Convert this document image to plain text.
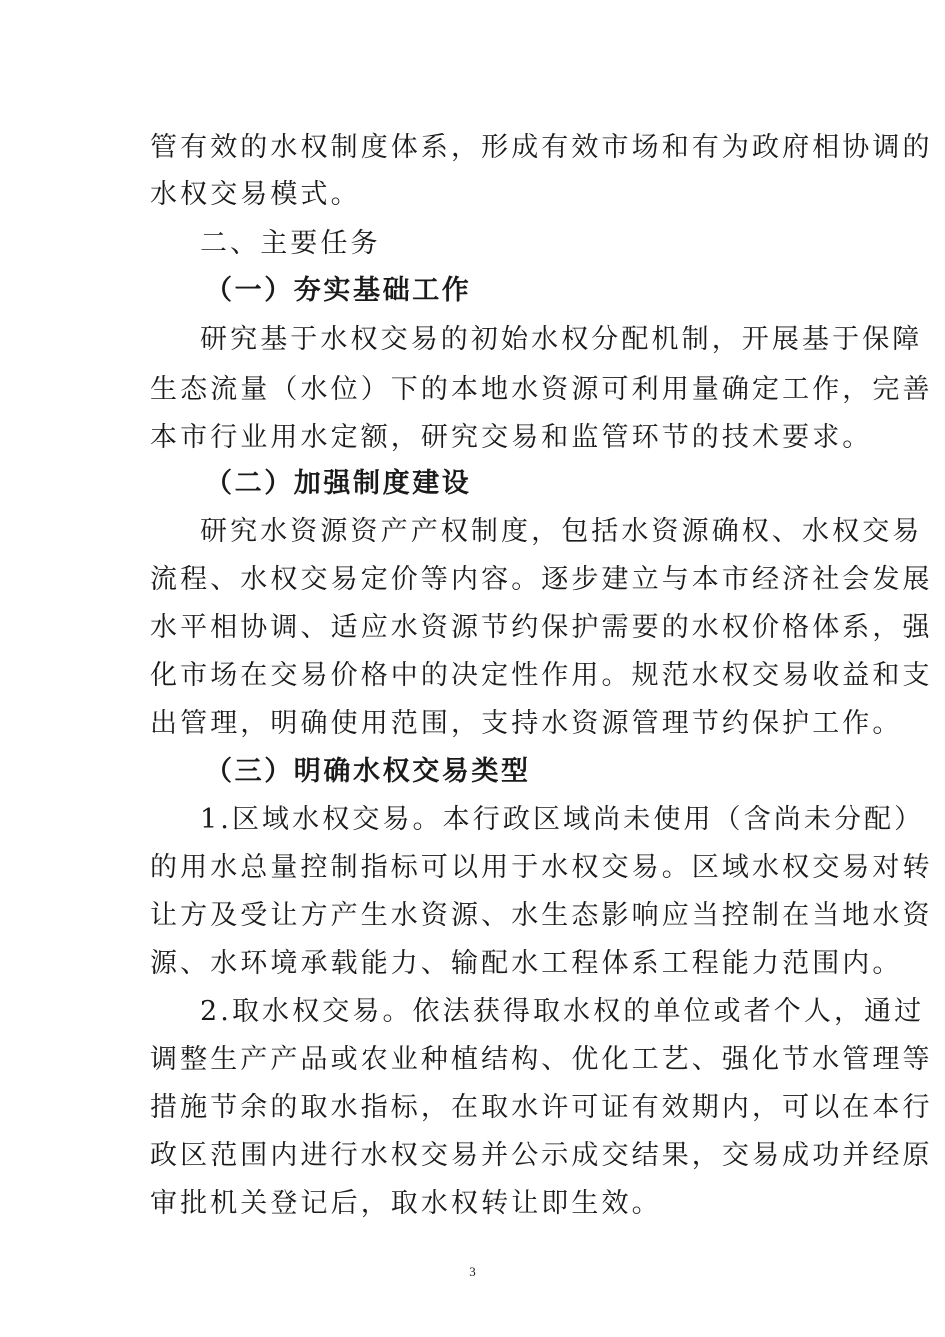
管有效的水权制度体系，形成有效市场和有为政府相协调的
水权交易模式。
二、主要任务
（一）夯实基础工作
研究基于水权交易的初始水权分配机制，开展基于保障
生态流量（水位）下的本地水资源可利用量确定工作，完善
本市行业用水定额，研究交易和监管环节的技术要求。
（二）加强制度建设
研究水资源资产产权制度，包括水资源确权、水权交易
流程、水权交易定价等内容。逐步建立与本市经济社会发展
水平相协调、适应水资源节约保护需要的水权价格体系，强
化市场在交易价格中的决定性作用。规范水权交易收益和支
出管理，明确使用范围，支持水资源管理节约保护工作。
（三）明确水权交易类型
1.区域水权交易。本行政区域尚未使用（含尚未分配）
的用水总量控制指标可以用于水权交易。区域水权交易对转
让方及受让方产生水资源、水生态影响应当控制在当地水资
源、水环境承载能力、输配水工程体系工程能力范围内。
2.取水权交易。依法获得取水权的单位或者个人，通过
调整生产产品或农业种植结构、优化工艺、强化节水管理等
措施节余的取水指标，在取水许可证有效期内，可以在本行
政区范围内进行水权交易并公示成交结果，交易成功并经原
审批机关登记后，取水权转让即生效。
3
